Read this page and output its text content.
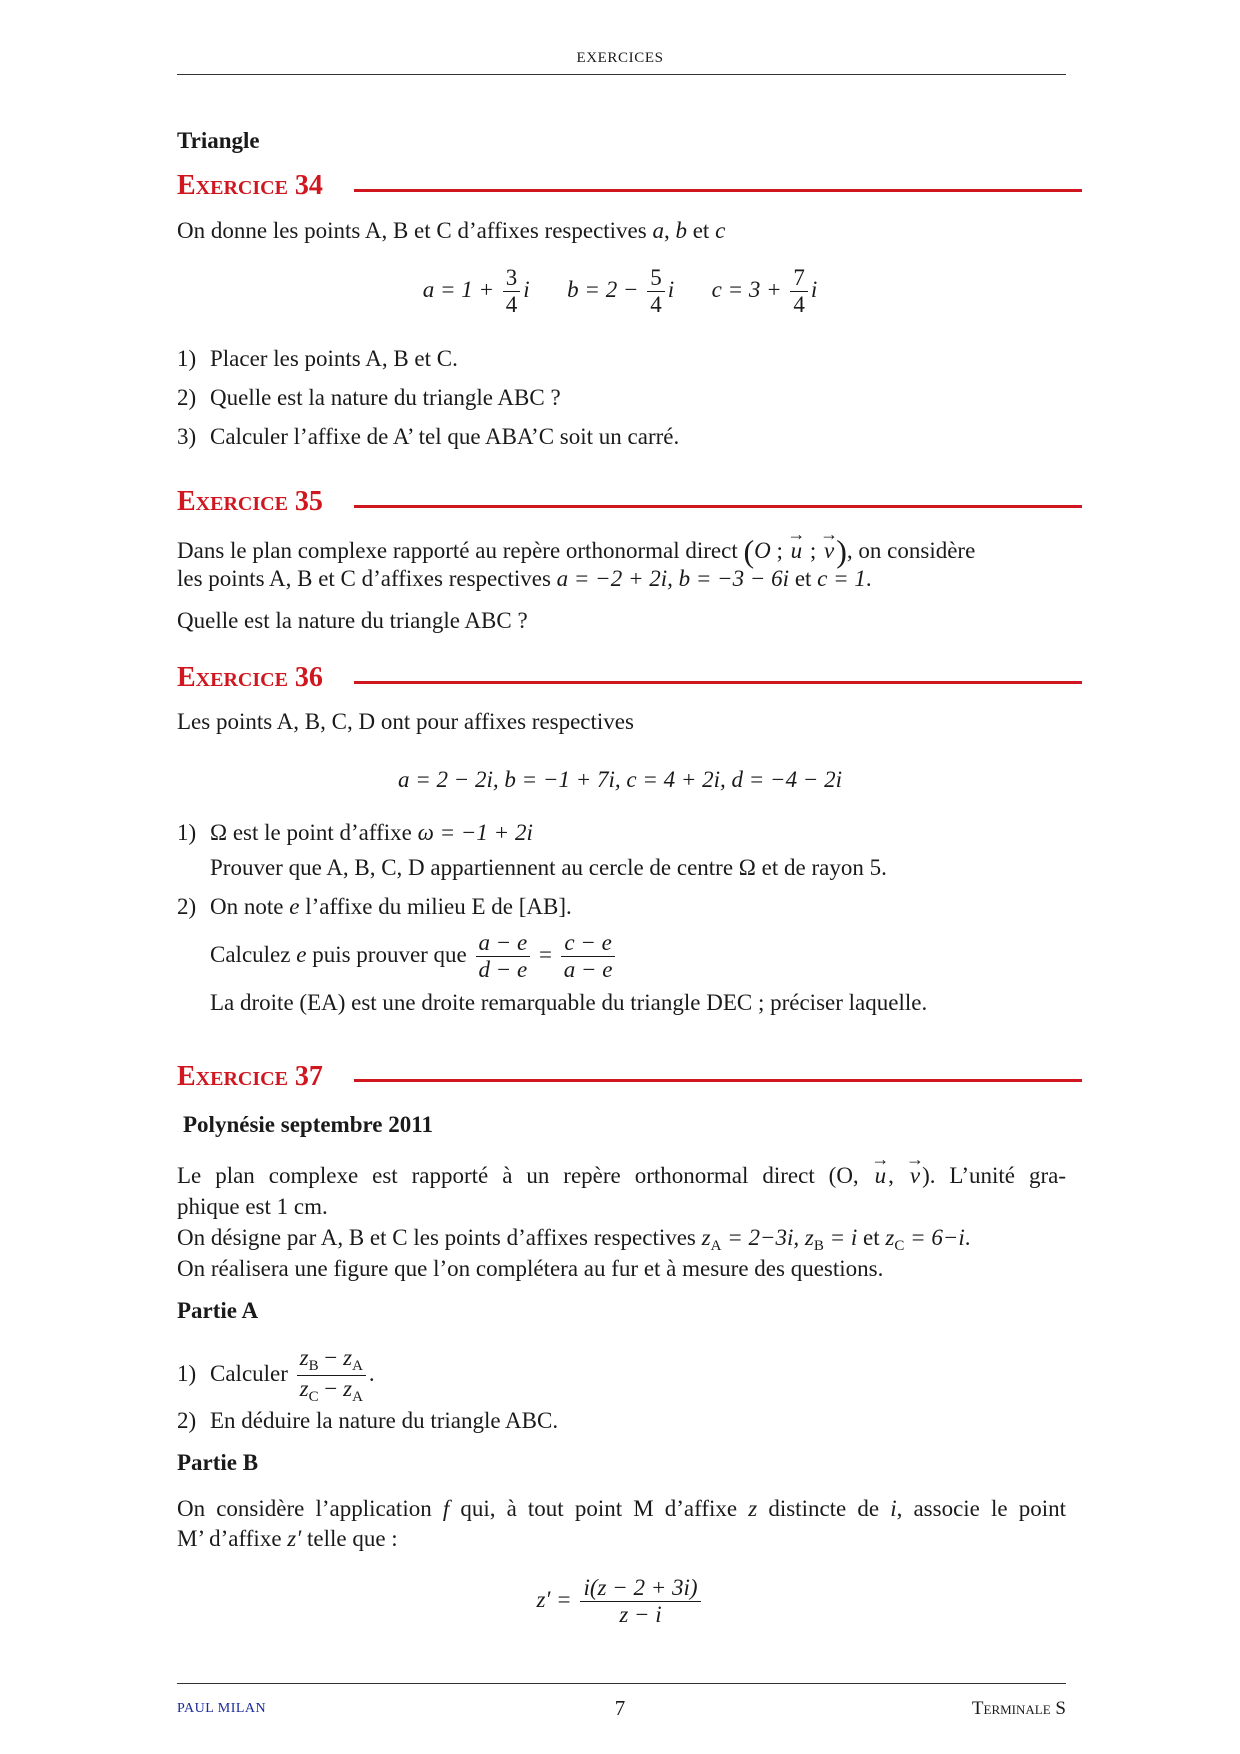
EXERCICES
Triangle
Exercice 34
On donne les points A, B et C d’affixes respectives a, b et c
$a = 1 + \frac{3}{4}$ i $b = 2 - \frac{5}{4}$ i $c = 3 + \frac{7}{4}$ i
1) Placer les points A, B et C.
2) Quelle est la nature du triangle ABC ?
3) Calculer l’affixe de A’ tel que ABA’C soit un carré.
Exercice 35
Dans le plan complexe rapporté au repère orthonormal direct (O ; → u ; → v), on considère
les points A, B et C d’affixes respectives a = −2 + 2i, b = −3 − 6i et c = 1.
Quelle est la nature du triangle ABC ?
Exercice 36
Les points A, B, C, D ont pour affixes respectives
a = 2 − 2i, b = −1 + 7i, c = 4 + 2i, d = −4 − 2i
1) Ω est le point d’affixe ω = −1 + 2i
Prouver que A, B, C, D appartiennent au cercle de centre Ω et de rayon 5.
2) On note e l’affixe du milieu E de [AB].
Calculez e puis prouver que $\frac{a - e}{d - e} = \frac{c - e}{a - e}$
La droite (EA) est une droite remarquable du triangle DEC ; préciser laquelle.
Exercice 37
Polynésie septembre 2011
Le plan complexe est rapporté à un repère orthonormal direct (O, → u, → v). L’unité gra-
phique est 1 cm.
On désigne par A, B et C les points d’affixes respectives $z_A = 2-3i$, $z_B = i$ et $z_C = 6-i$.
On réalisera une figure que l’on complétera au fur et à mesure des questions.
Partie A
1) Calculer $\frac{z_B - z_A}{z_C - z_A}$ .
2) En déduire la nature du triangle ABC.
Partie B
On considère l’application f qui, à tout point M d’affixe z distincte de i, associe le point
M’ d’affixe z′ telle que :
$z' = \frac{i(z - 2 + 3i)}{z - i}$
PAUL MILAN	7	Terminale S
